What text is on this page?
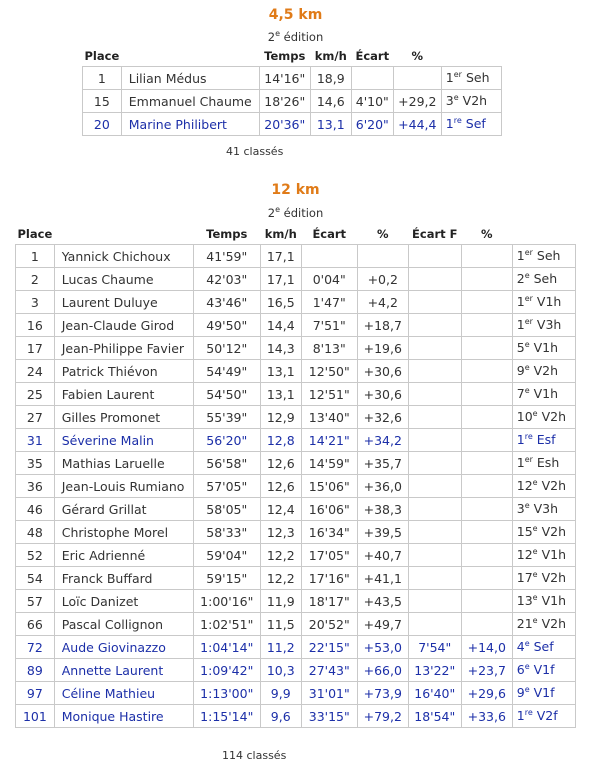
4,5 km
2e édition
Place		Temps	km/h	Écart	%	
1	Lilian Médus	14'16"	18,9			1er Seh
15	Emmanuel Chaume	18'26"	14,6	4'10"	+29,2	3e V2h
20	Marine Philibert	20'36"	13,1	6'20"	+44,4	1re Sef
41 classés
12 km
2e édition
Place		Temps	km/h	Écart	%	Écart F	%	
1	Yannick Chichoux	41'59"	17,1					1er Seh
2	Lucas Chaume	42'03"	17,1	0'04"	+0,2			2e Seh
3	Laurent Duluye	43'46"	16,5	1'47"	+4,2			1er V1h
16	Jean-Claude Girod	49'50"	14,4	7'51"	+18,7			1er V3h
17	Jean-Philippe Favier	50'12"	14,3	8'13"	+19,6			5e V1h
24	Patrick Thiévon	54'49"	13,1	12'50"	+30,6			9e V2h
25	Fabien Laurent	54'50"	13,1	12'51"	+30,6			7e V1h
27	Gilles Promonet	55'39"	12,9	13'40"	+32,6			10e V2h
31	Séverine Malin	56'20"	12,8	14'21"	+34,2			1re Esf
35	Mathias Laruelle	56'58"	12,6	14'59"	+35,7			1er Esh
36	Jean-Louis Rumiano	57'05"	12,6	15'06"	+36,0			12e V2h
46	Gérard Grillat	58'05"	12,4	16'06"	+38,3			3e V3h
48	Christophe Morel	58'33"	12,3	16'34"	+39,5			15e V2h
52	Eric Adrienné	59'04"	12,2	17'05"	+40,7			12e V1h
54	Franck Buffard	59'15"	12,2	17'16"	+41,1			17e V2h
57	Loïc Danizet	1:00'16"	11,9	18'17"	+43,5			13e V1h
66	Pascal Collignon	1:02'51"	11,5	20'52"	+49,7			21e V2h
72	Aude Giovinazzo	1:04'14"	11,2	22'15"	+53,0	7'54"	+14,0	4e Sef
89	Annette Laurent	1:09'42"	10,3	27'43"	+66,0	13'22"	+23,7	6e V1f
97	Céline Mathieu	1:13'00"	9,9	31'01"	+73,9	16'40"	+29,6	9e V1f
101	Monique Hastire	1:15'14"	9,6	33'15"	+79,2	18'54"	+33,6	1re V2f
114 classés
